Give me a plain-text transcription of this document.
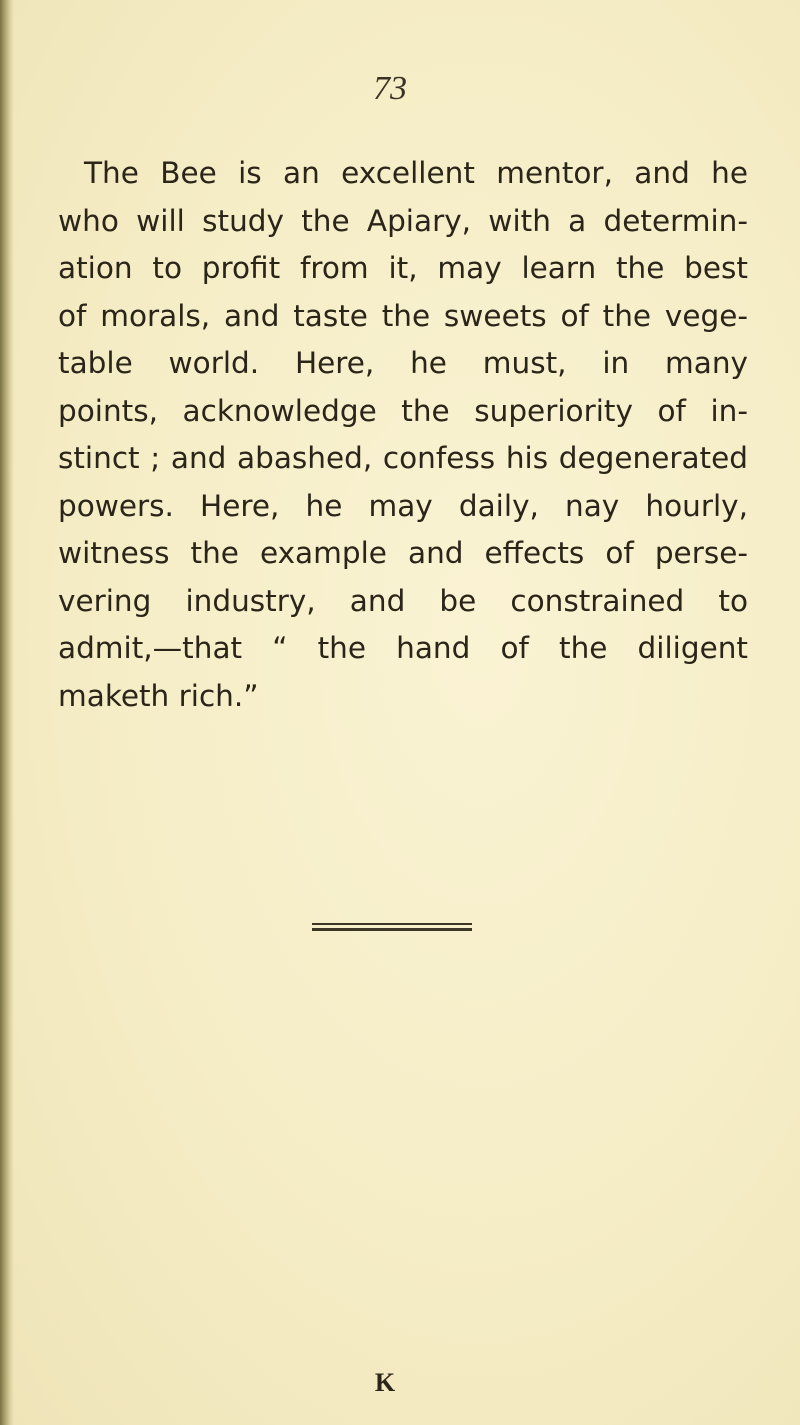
73
The Bee is an excellent mentor, and he
who will study the Apiary, with a determin-
ation to profit from it, may learn the best
of morals, and taste the sweets of the vege-
table world. Here, he must, in many
points, acknowledge the superiority of in-
stinct ; and abashed, confess his degenerated
powers. Here, he may daily, nay hourly,
witness the example and effects of perse-
vering industry, and be constrained to
admit,—that “ the hand of the diligent
maketh rich.”
K
